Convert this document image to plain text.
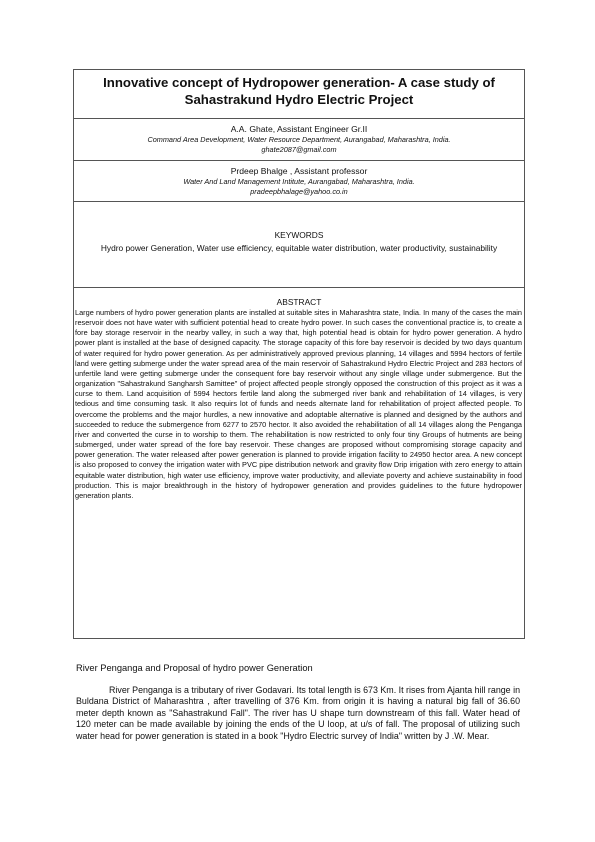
Innovative concept of Hydropower generation- A case study of Sahastrakund Hydro Electric Project
A.A. Ghate, Assistant Engineer Gr.II
Command Area Development, Water Resource Department, Aurangabad, Maharashtra, India.
ghate2087@gmail.com
Prdeep Bhalge , Assistant professor
Water And Land Management Intitute, Aurangabad, Maharashtra, India.
pradeepbhalage@yahoo.co.in
KEYWORDS
Hydro power Generation, Water use efficiency, equitable water distribution, water productivity, sustainability
ABSTRACT

Large numbers of hydro power generation plants are installed at suitable sites in Maharashtra state, India. In many of the cases the main reservoir does not have water with sufficient potential head to create hydro power. In such cases the conventional practice is, to create a fore bay storage reservoir in the nearby valley, in such a way that, high potential head is obtain for hydro power generation. A hydro power plant is installed at the base of designed capacity. The storage capacity of this fore bay reservoir is decided by two days quantum of water required for hydro power generation. As per administratively approved previous planning, 14 villages and 5994 hectors of fertile land were getting submerge under the water spread area of the main reservoir of Sahastrakund Hydro Electric Project and 283 hectors of unfertile land were getting submerge under the consequent fore bay reservoir without any single village under submergence. But the organization "Sahastrakund Sangharsh Samittee" of project affected people strongly opposed the construction of this project as it was a curse to them. Land acquisition of 5994 hectors fertile land along the submerged river bank and rehabilitation of 14 villages, is very tedious and time consuming task. It also requirs lot of funds and needs alternate land for rehabilitation of project affected people. To overcome the problems and the major hurdles, a new innovative and adoptable alternative is planned and designed by the authors and succeeded to reduce the submergence from 6277 to 2570 hector. It also avoided the rehabilitation of all 14 villages along the Penganga river and converted the curse in to worship to them. The rehabilitation is now restricted to only four tiny Groups of hutments are being submerged, under water spread of the fore bay reservoir. These changes are proposed without compromising storage capacity and power generation. The water released after power generation is planned to provide irrigation facility to 24950 hector area. A new concept is also proposed to convey the irrigation water with PVC pipe distribution network and gravity flow Drip irrigation with zero energy to attain equitable water distribution, high water use efficiency, improve water productivity, and alleviate poverty and achieve sustainability in food production. This is major breakthrough in the history of hydropower generation and provides guidelines to the future hydropower generation plants.

River Penganga and Proposal of hydro power Generation

River Penganga is a tributary of river Godavari. Its total length is 673 Km. It rises from Ajanta hill range in Buldana District of Maharashtra , after travelling of 376 Km. from origin it is having a natural big fall of 36.60 meter depth known as "Sahastrakund Fall". The river has U shape turn downstream of this fall. Water head of 120 meter can be made available by joining the ends of the U loop, at u/s of fall. The proposal of utilizing such water head for power generation is stated in a book "Hydro Electric survey of India" written by J .W. Mear.
